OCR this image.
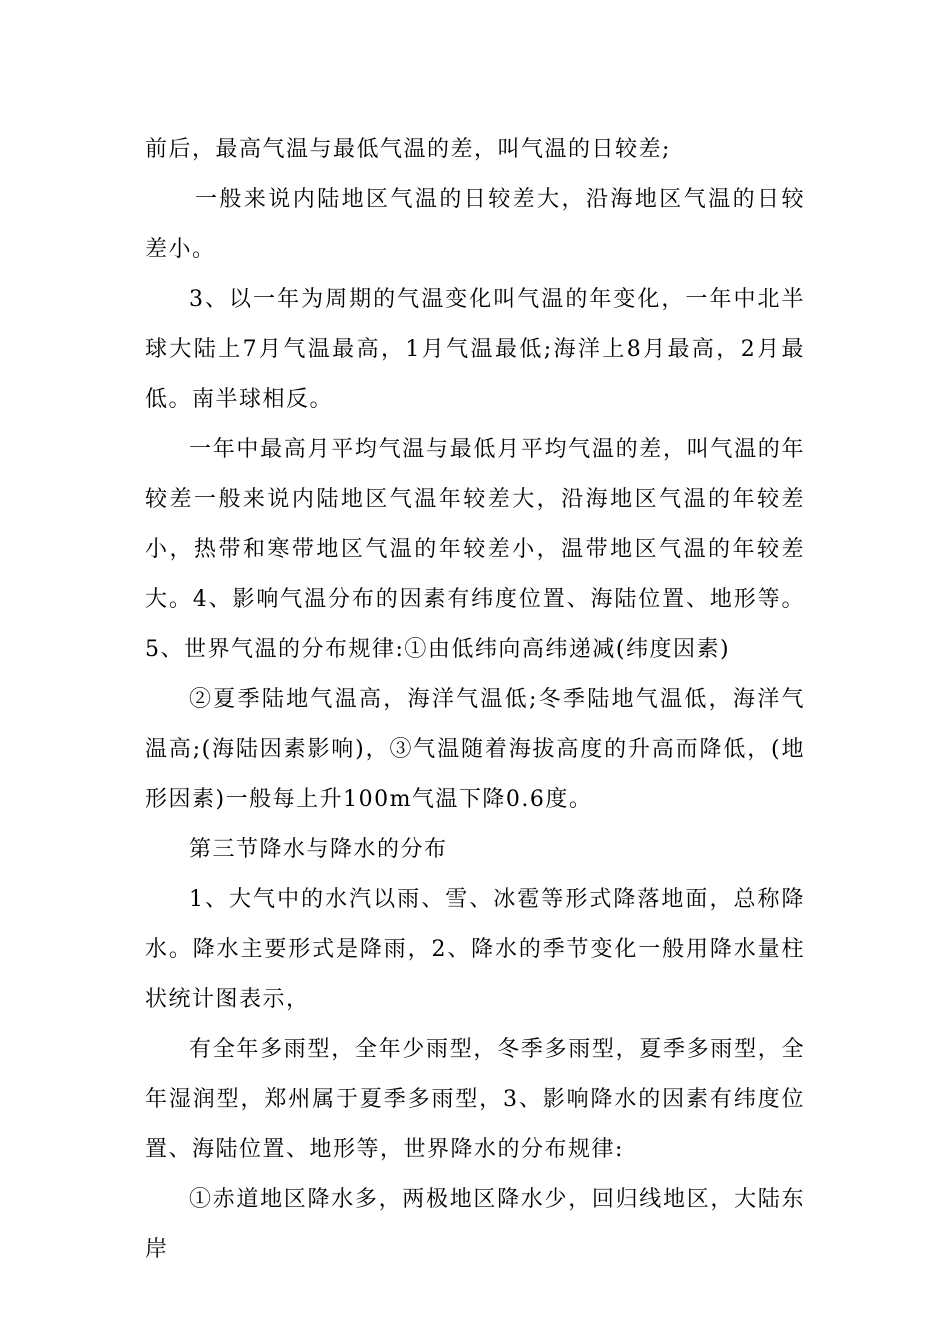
前后，最高气温与最低气温的差，叫气温的日较差;

一般来说内陆地区气温的日较差大，沿海地区气温的日较差小。

3、以一年为周期的气温变化叫气温的年变化，一年中北半球大陆上7月气温最高，1月气温最低;海洋上8月最高，2月最低。南半球相反。

一年中最高月平均气温与最低月平均气温的差，叫气温的年较差一般来说内陆地区气温年较差大，沿海地区气温的年较差小，热带和寒带地区气温的年较差小，温带地区气温的年较差大。4、影响气温分布的因素有纬度位置、海陆位置、地形等。5、世界气温的分布规律:①由低纬向高纬递减(纬度因素)

②夏季陆地气温高，海洋气温低;冬季陆地气温低，海洋气温高;(海陆因素影响)，③气温随着海拔高度的升高而降低，(地形因素)一般每上升100m气温下降0.6度。

第三节降水与降水的分布

1、大气中的水汽以雨、雪、冰雹等形式降落地面，总称降水。降水主要形式是降雨，2、降水的季节变化一般用降水量柱状统计图表示，

有全年多雨型，全年少雨型，冬季多雨型，夏季多雨型，全年湿润型，郑州属于夏季多雨型，3、影响降水的因素有纬度位置、海陆位置、地形等，世界降水的分布规律:

①赤道地区降水多，两极地区降水少，回归线地区，大陆东岸
